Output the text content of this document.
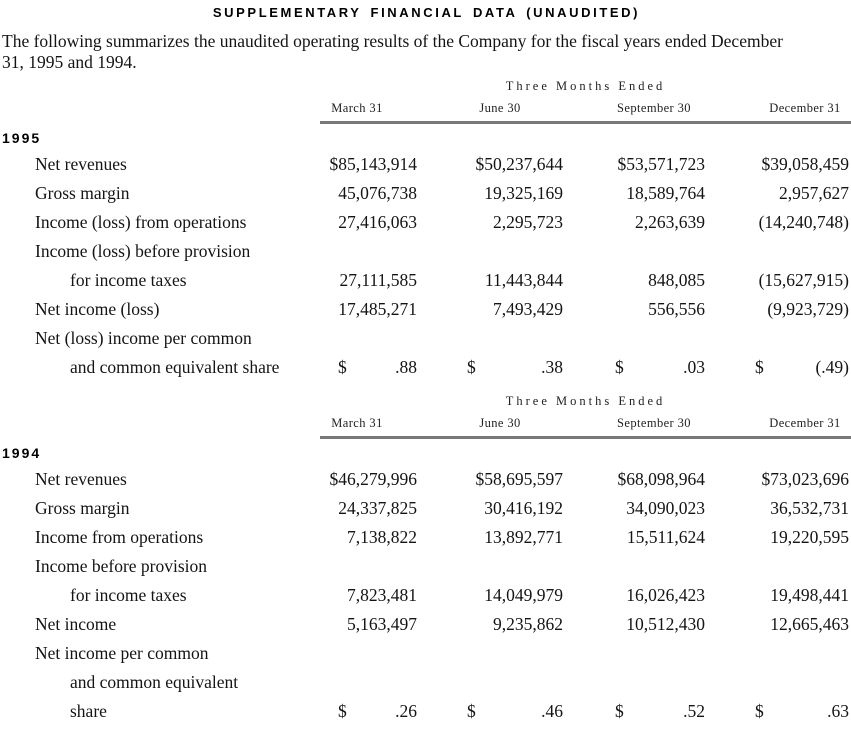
SUPPLEMENTARY FINANCIAL DATA (UNAUDITED)

The following summarizes the unaudited operating results of the Company for the fiscal years ended December 31, 1995 and 1994.

Three Months Ended
March 31	June 30	September 30	December 31
1995
Net revenues	$85,143,914	$50,237,644	$53,571,723	$39,058,459
Gross margin	45,076,738	19,325,169	18,589,764	2,957,627
Income (loss) from operations	27,416,063	2,295,723	2,263,639	(14,240,748)
Income (loss) before provision
for income taxes	27,111,585	11,443,844	848,085	(15,627,915)
Net income (loss)	17,485,271	7,493,429	556,556	(9,923,729)
Net (loss) income per common
and common equivalent share	$	.88	$	.38	$	.03	$	(.49)
Three Months Ended
March 31	June 30	September 30	December 31
1994
Net revenues	$46,279,996	$58,695,597	$68,098,964	$73,023,696
Gross margin	24,337,825	30,416,192	34,090,023	36,532,731
Income from operations	7,138,822	13,892,771	15,511,624	19,220,595
Income before provision
for income taxes	7,823,481	14,049,979	16,026,423	19,498,441
Net income	5,163,497	9,235,862	10,512,430	12,665,463
Net income per common
and common equivalent
share	$	.26	$	.46	$	.52	$	.63
